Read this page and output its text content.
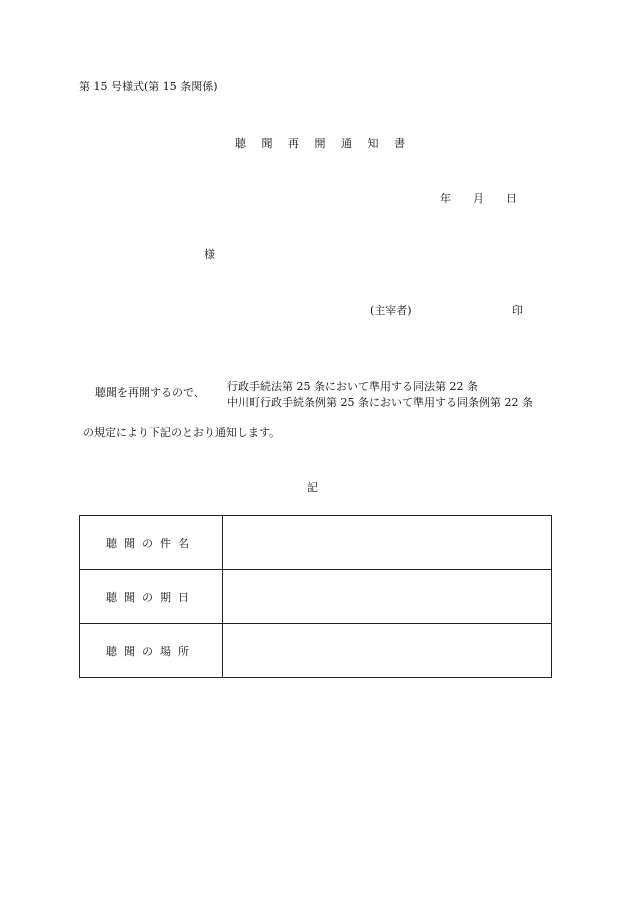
第 15 号様式(第 15 条関係)
聴 聞 再 開 通 知 書
年 月 日
様
(主宰者)	印
聴聞を再開するので、 行政手続法第 25 条において準用する同法第 22 条
中川町行政手続条例第 25 条において準用する同条例第 22 条
の規定により下記のとおり通知します。
記
聴聞の件名	
聴聞の期日	
聴聞の場所	
